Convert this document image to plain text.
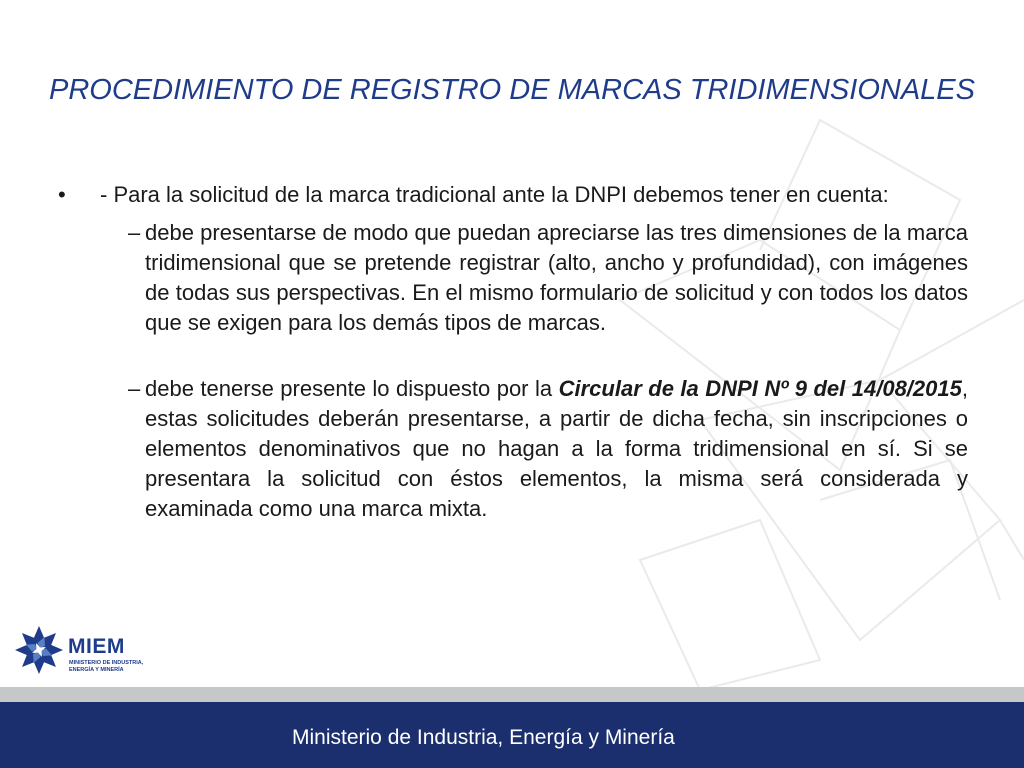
PROCEDIMIENTO DE REGISTRO DE MARCAS TRIDIMENSIONALES

• - Para la solicitud de la marca tradicional ante la DNPI debemos tener en cuenta:

– debe presentarse de modo que puedan apreciarse las tres dimensiones de la marca tridimensional que se pretende registrar (alto, ancho y profundidad), con imágenes de todas sus perspectivas. En el mismo formulario de solicitud y con todos los datos que se exigen para los demás tipos de marcas.

– debe tenerse presente lo dispuesto por la Circular de la DNPI Nº 9 del 14/08/2015, estas solicitudes deberán presentarse, a partir de dicha fecha, sin inscripciones o elementos denominativos que no hagan a la forma tridimensional en sí. Si se presentara la solicitud con éstos elementos, la misma será considerada y examinada como una marca mixta.

MIEM
MINISTERIO DE INDUSTRIA,
ENERGÍA Y MINERÍA

Ministerio de Industria, Energía y Minería
